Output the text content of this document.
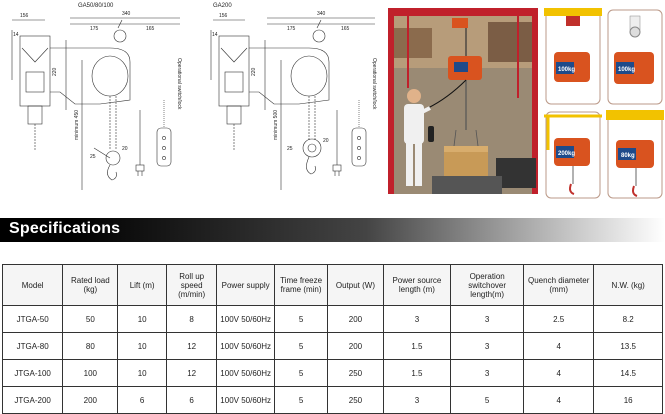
GA50/80/100
156	340
175	165
14
220
minimum 450
25
20
Operational switch/lock
GA200
156	340
175	165
14
220
minimum 500
25
20
Operational switch/lock	100kg	100kg
200kg	80kg
Specifications
Model	Rated load (kg)	Lift (m)	Roll up speed (m/min)	Power supply	Time freeze frame (min)	Output (W)	Power source length (m)	Operation switchover length(m)	Quench diameter (mm)	N.W. (kg)
JTGA-50	50	10	8	100V 50/60Hz	5	200	3	3	2.5	8.2
JTGA-80	80	10	12	100V 50/60Hz	5	200	1.5	3	4	13.5
JTGA-100	100	10	12	100V 50/60Hz	5	250	1.5	3	4	14.5
JTGA-200	200	6	6	100V 50/60Hz	5	250	3	5	4	16
